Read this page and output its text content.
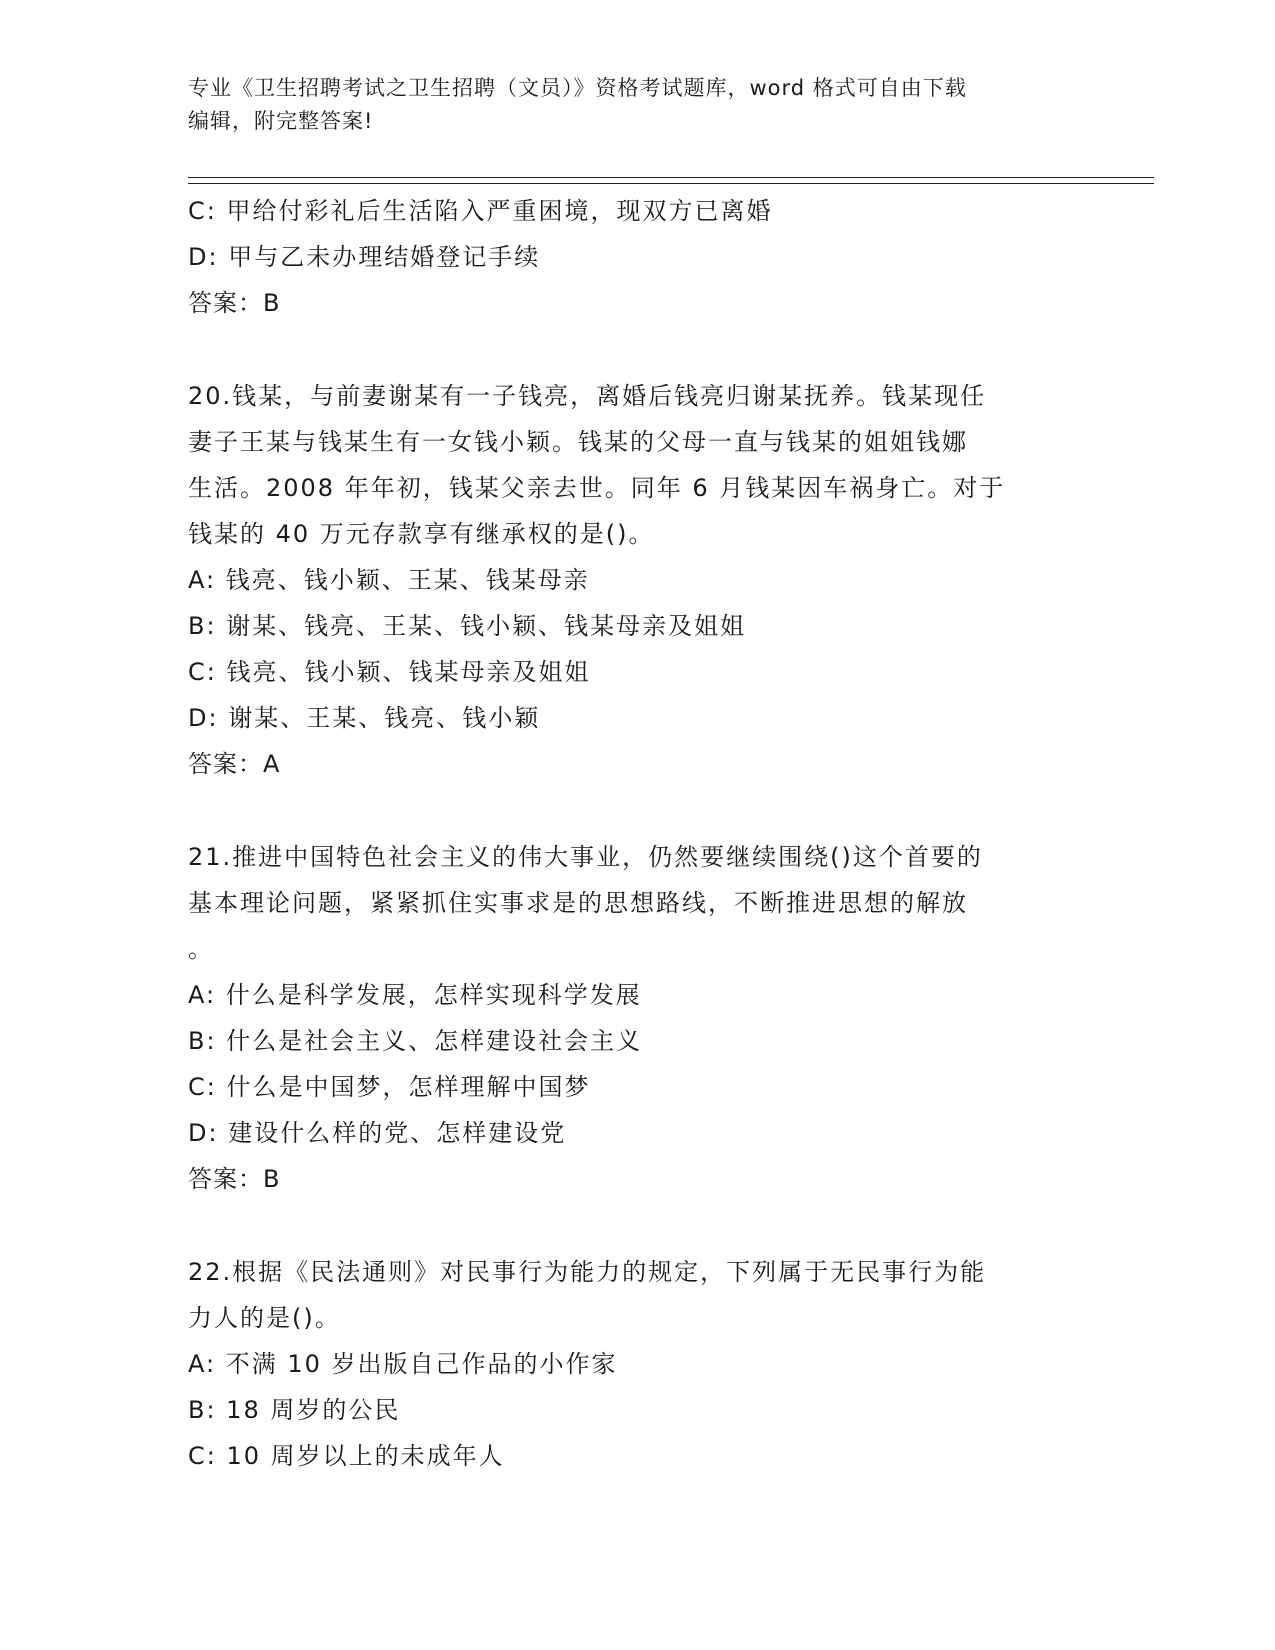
专业《卫生招聘考试之卫生招聘（文员）》资格考试题库，word 格式可自由下载
编辑，附完整答案!
C: 甲给付彩礼后生活陷入严重困境，现双方已离婚
D: 甲与乙未办理结婚登记手续
答案：B
20.钱某，与前妻谢某有一子钱亮，离婚后钱亮归谢某抚养。钱某现任
妻子王某与钱某生有一女钱小颖。钱某的父母一直与钱某的姐姐钱娜
生活。2008 年年初，钱某父亲去世。同年 6 月钱某因车祸身亡。对于
钱某的 40 万元存款享有继承权的是()。
A: 钱亮、钱小颖、王某、钱某母亲
B: 谢某、钱亮、王某、钱小颖、钱某母亲及姐姐
C: 钱亮、钱小颖、钱某母亲及姐姐
D: 谢某、王某、钱亮、钱小颖
答案：A
21.推进中国特色社会主义的伟大事业，仍然要继续围绕()这个首要的
基本理论问题，紧紧抓住实事求是的思想路线，不断推进思想的解放
。
A: 什么是科学发展，怎样实现科学发展
B: 什么是社会主义、怎样建设社会主义
C: 什么是中国梦，怎样理解中国梦
D: 建设什么样的党、怎样建设党
答案：B
22.根据《民法通则》对民事行为能力的规定，下列属于无民事行为能
力人的是()。
A: 不满 10 岁出版自己作品的小作家
B: 18 周岁的公民
C: 10 周岁以上的未成年人
